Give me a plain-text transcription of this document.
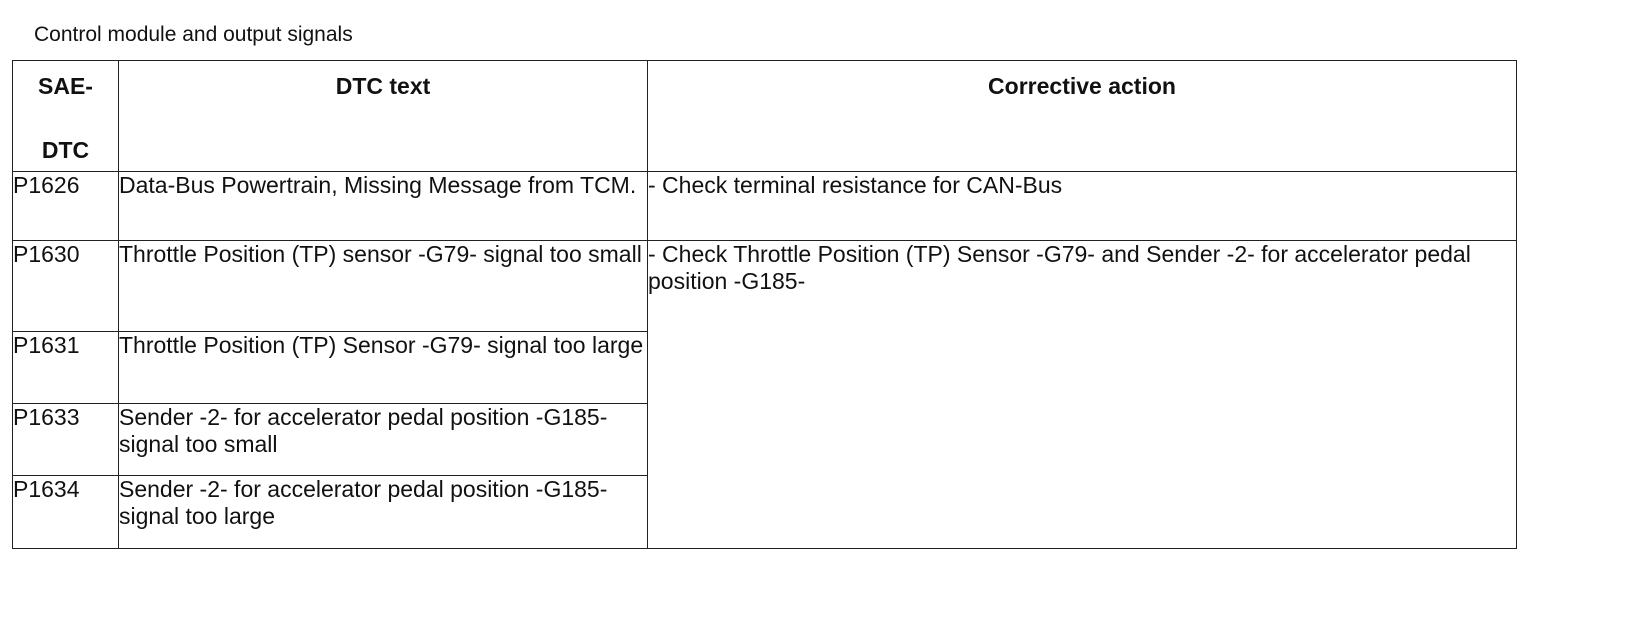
Control module and output signals
SAE-
DTC	DTC text	Corrective action

P1626	Data-Bus Powertrain, Missing Message from TCM.	- Check terminal resistance for CAN-Bus
P1630	Throttle Position (TP) sensor -G79- signal too small	- Check Throttle Position (TP) Sensor -G79- and Sender -2- for accelerator pedal position -G185-
P1631	Throttle Position (TP) Sensor -G79- signal too large	
P1633	Sender -2- for accelerator pedal position -G185- signal too small	
P1634	Sender -2- for accelerator pedal position -G185- signal too large	
